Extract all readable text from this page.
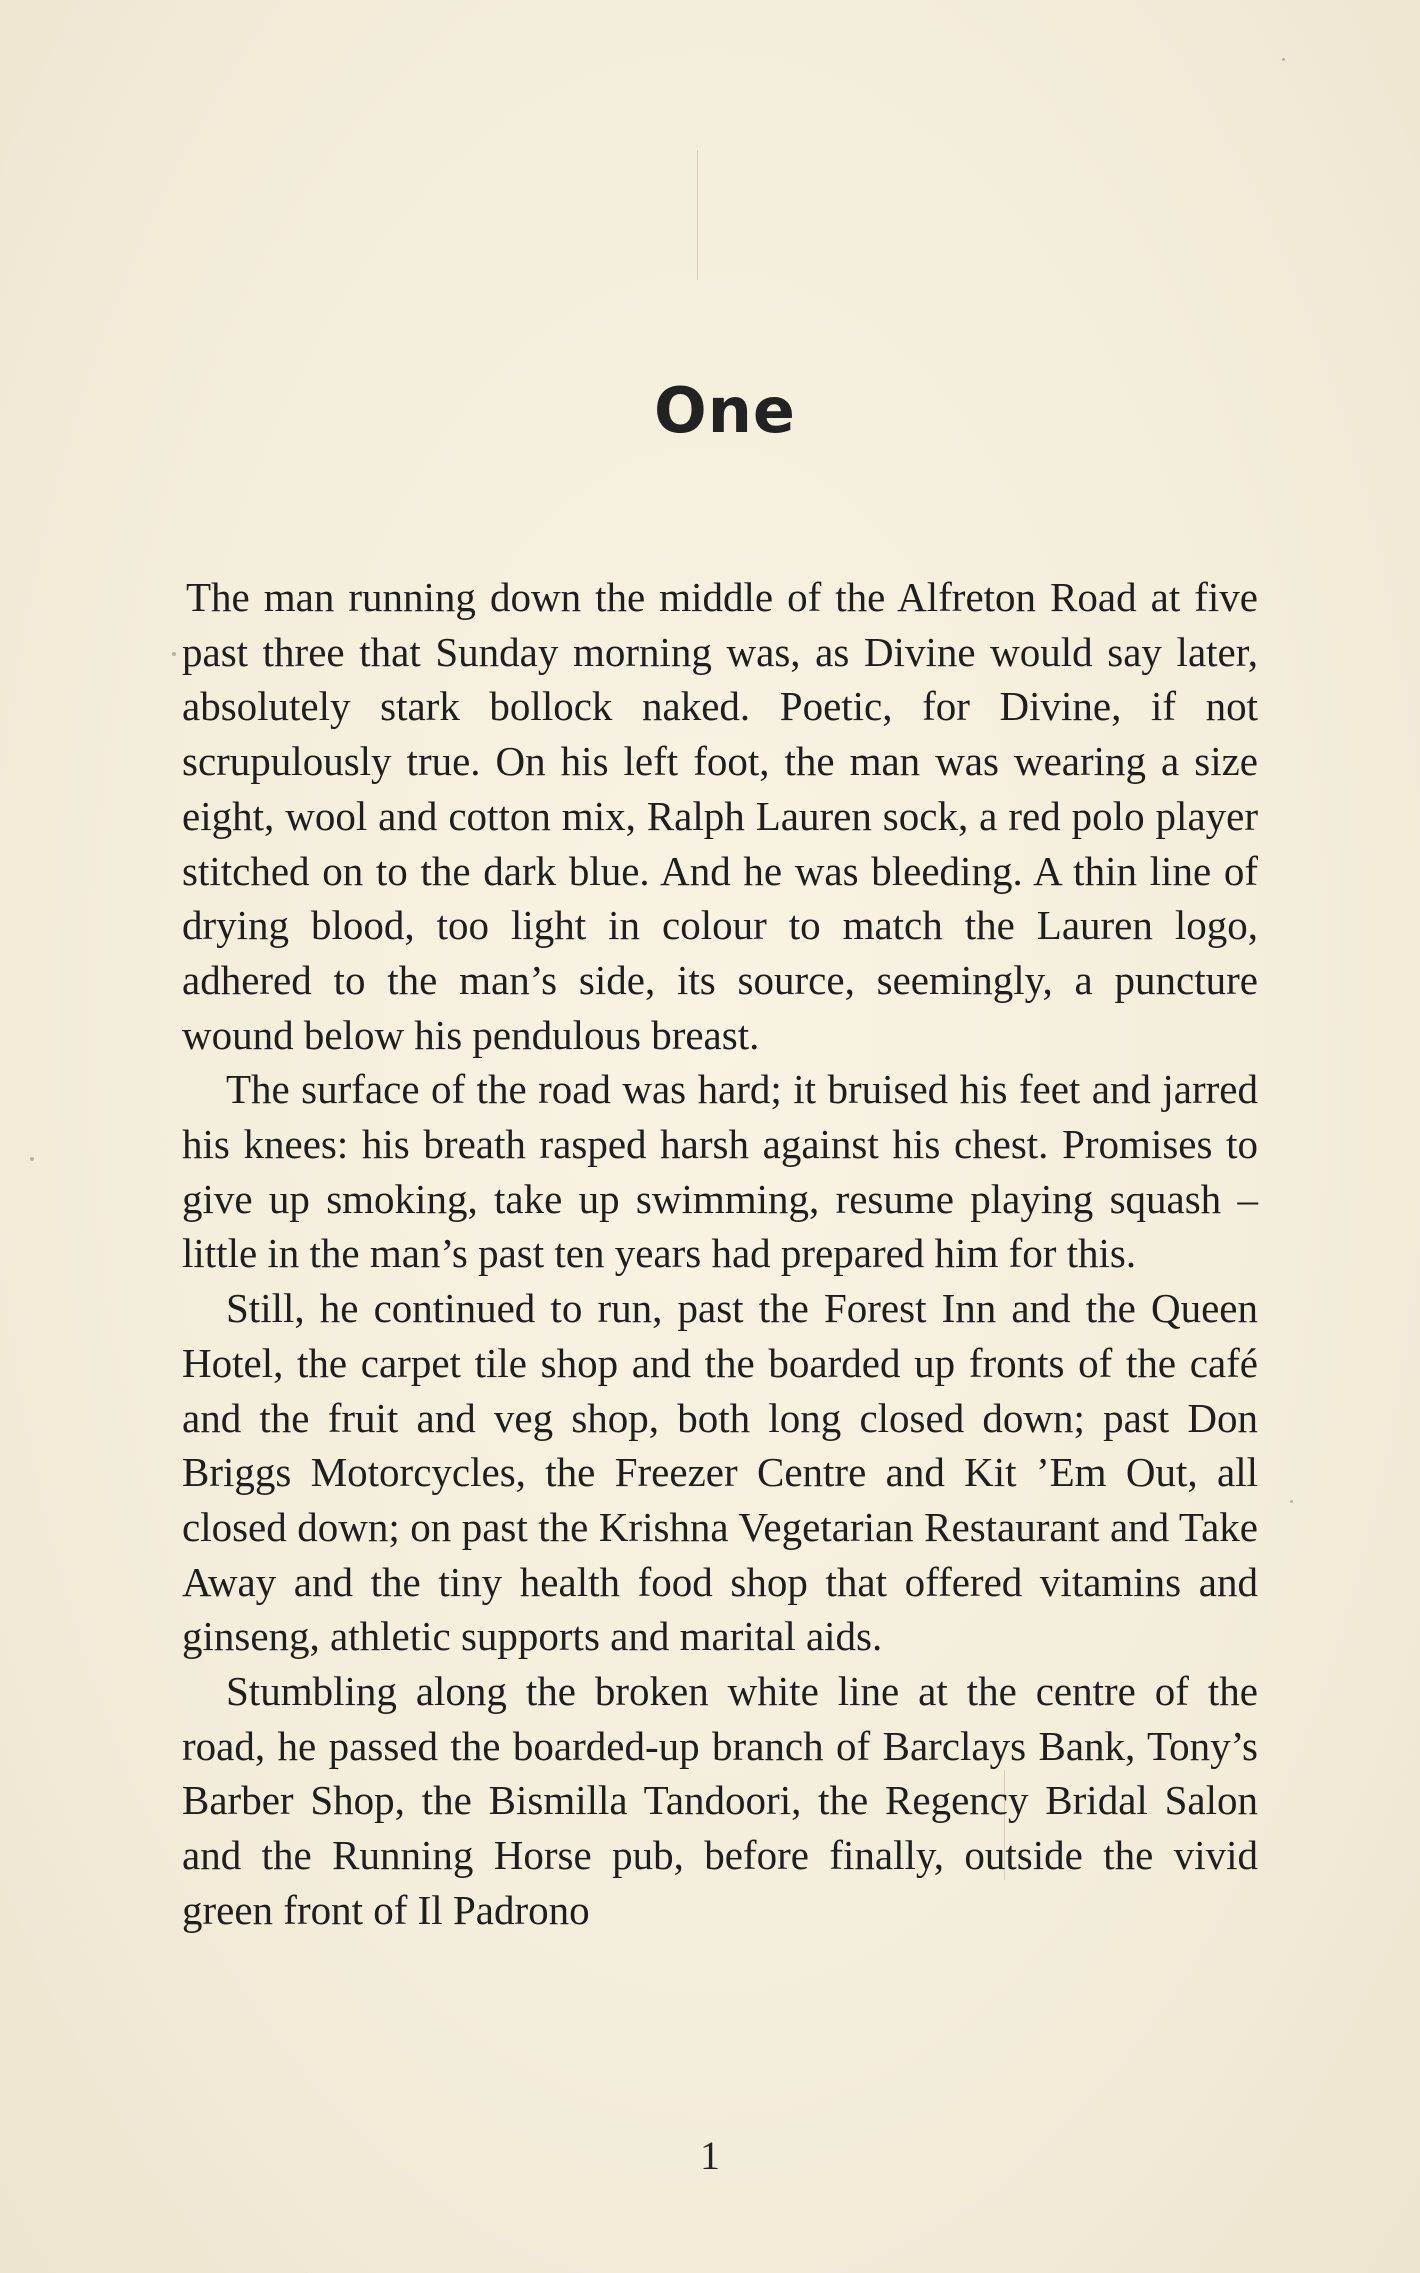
One

The man running down the middle of the Alfreton Road at five past three that Sunday morning was, as Divine would say later, absolutely stark bollock naked. Poetic, for Divine, if not scrupulously true. On his left foot, the man was wearing a size eight, wool and cotton mix, Ralph Lauren sock, a red polo player stitched on to the dark blue. And he was bleeding. A thin line of drying blood, too light in colour to match the Lauren logo, adhered to the man’s side, its source, seemingly, a puncture wound below his pendulous breast.

The surface of the road was hard; it bruised his feet and jarred his knees: his breath rasped harsh against his chest. Promises to give up smoking, take up swimming, resume playing squash – little in the man’s past ten years had prepared him for this.

Still, he continued to run, past the Forest Inn and the Queen Hotel, the carpet tile shop and the boarded up fronts of the café and the fruit and veg shop, both long closed down; past Don Briggs Motorcycles, the Freezer Centre and Kit ’Em Out, all closed down; on past the Krishna Vegetarian Restaurant and Take Away and the tiny health food shop that offered vitamins and ginseng, athletic supports and marital aids.

Stumbling along the broken white line at the centre of the road, he passed the boarded-up branch of Barclays Bank, Tony’s Barber Shop, the Bismilla Tandoori, the Regency Bridal Salon and the Running Horse pub, before finally, outside the vivid green front of Il Padrono

1
